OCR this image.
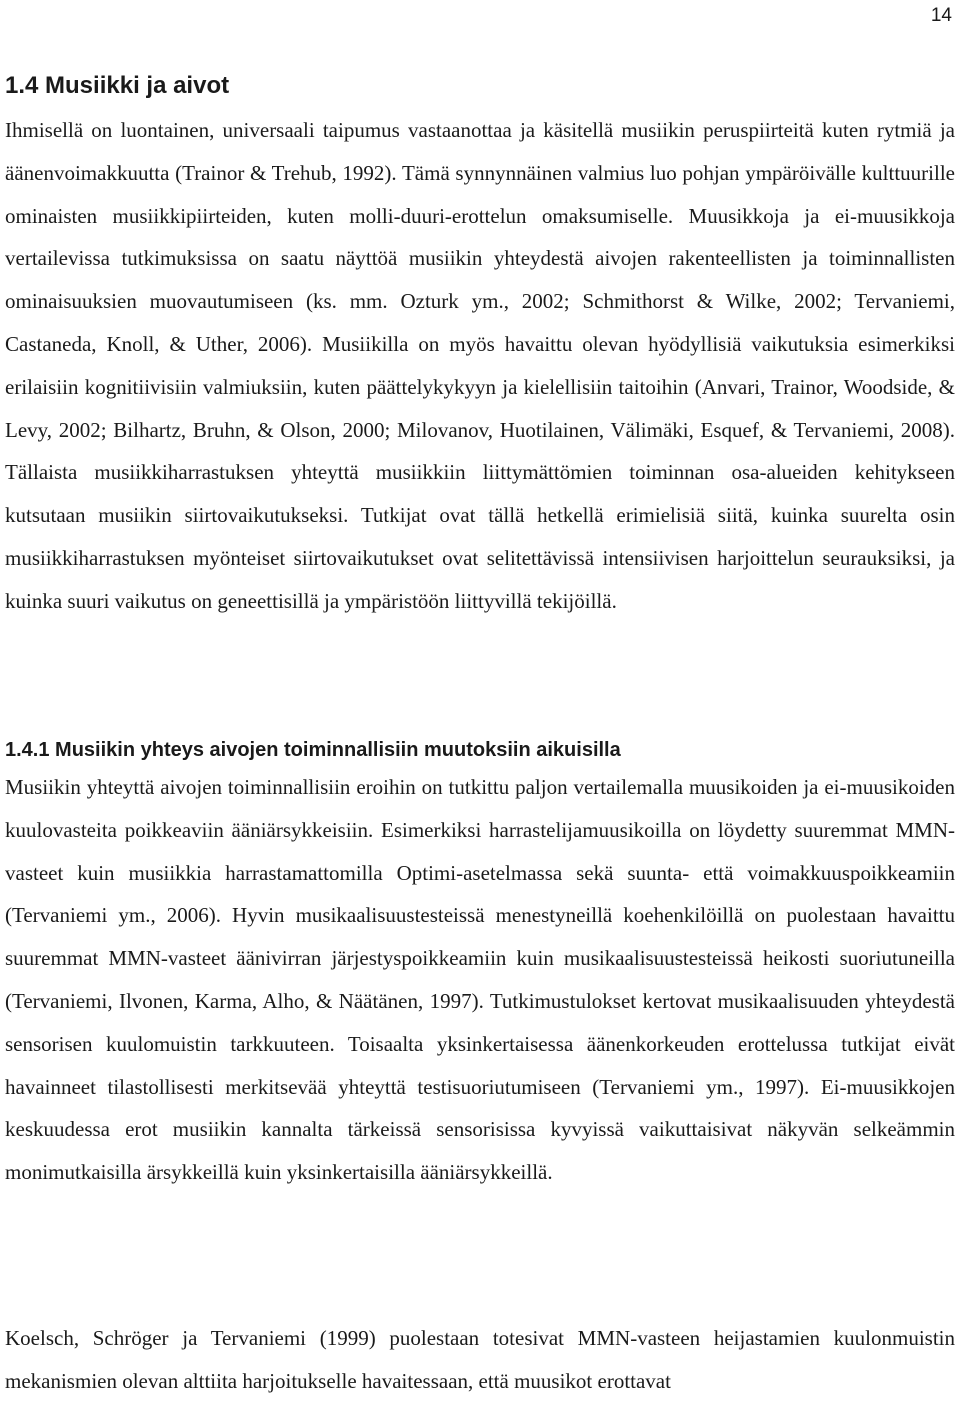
14
1.4 Musiikki ja aivot

Ihmisellä on luontainen, universaali taipumus vastaanottaa ja käsitellä musiikin peruspiirteitä kuten rytmiä ja äänenvoimakkuutta (Trainor & Trehub, 1992). Tämä synnynnäinen valmius luo pohjan ympäröivälle kulttuurille ominaisten musiikkipiirteiden, kuten molli-duuri-erottelun omaksumiselle. Muusikkoja ja ei-muusikkoja vertailevissa tutkimuksissa on saatu näyttöä musiikin yhteydestä aivojen rakenteellisten ja toiminnallisten ominaisuuksien muovautumiseen (ks. mm. Ozturk ym., 2002; Schmithorst & Wilke, 2002; Tervaniemi, Castaneda, Knoll, & Uther, 2006). Musiikilla on myös havaittu olevan hyödyllisiä vaikutuksia esimerkiksi erilaisiin kognitiivisiin valmiuksiin, kuten päättelykykyyn ja kielellisiin taitoihin (Anvari, Trainor, Woodside, & Levy, 2002; Bilhartz, Bruhn, & Olson, 2000; Milovanov, Huotilainen, Välimäki, Esquef, & Tervaniemi, 2008). Tällaista musiikkiharrastuksen yhteyttä musiikkiin liittymättömien toiminnan osa-alueiden kehitykseen kutsutaan musiikin siirtovaikutukseksi. Tutkijat ovat tällä hetkellä erimielisiä siitä, kuinka suurelta osin musiikkiharrastuksen myönteiset siirtovaikutukset ovat selitettävissä intensiivisen harjoittelun seurauksiksi, ja kuinka suuri vaikutus on geneettisillä ja ympäristöön liittyvillä tekijöillä.

1.4.1 Musiikin yhteys aivojen toiminnallisiin muutoksiin aikuisilla

Musiikin yhteyttä aivojen toiminnallisiin eroihin on tutkittu paljon vertailemalla muusikoiden ja ei-muusikoiden kuulovasteita poikkeaviin ääniärsykkeisiin. Esimerkiksi harrastelijamuusikoilla on löydetty suuremmat MMN-vasteet kuin musiikkia harrastamattomilla Optimi-asetelmassa sekä suunta- että voimakkuuspoikkeamiin (Tervaniemi ym., 2006). Hyvin musikaalisuustesteissä menestyneillä koehenkilöillä on puolestaan havaittu suuremmat MMN-vasteet äänivirran järjestyspoikkeamiin kuin musikaalisuustesteissä heikosti suoriutuneilla (Tervaniemi, Ilvonen, Karma, Alho, & Näätänen, 1997). Tutkimustulokset kertovat musikaalisuuden yhteydestä sensorisen kuulomuistin tarkkuuteen. Toisaalta yksinkertaisessa äänenkorkeuden erottelussa tutkijat eivät havainneet tilastollisesti merkitsevää yhteyttä testisuoriutumiseen (Tervaniemi ym., 1997). Ei-muusikkojen keskuudessa erot musiikin kannalta tärkeissä sensorisissa kyvyissä vaikuttaisivat näkyvän selkeämmin monimutkaisilla ärsykkeillä kuin yksinkertaisilla ääniärsykkeillä.

Koelsch, Schröger ja Tervaniemi (1999) puolestaan totesivat MMN-vasteen heijastamien kuulonmuistin mekanismien olevan alttiita harjoitukselle havaitessaan, että muusikot erottavat
